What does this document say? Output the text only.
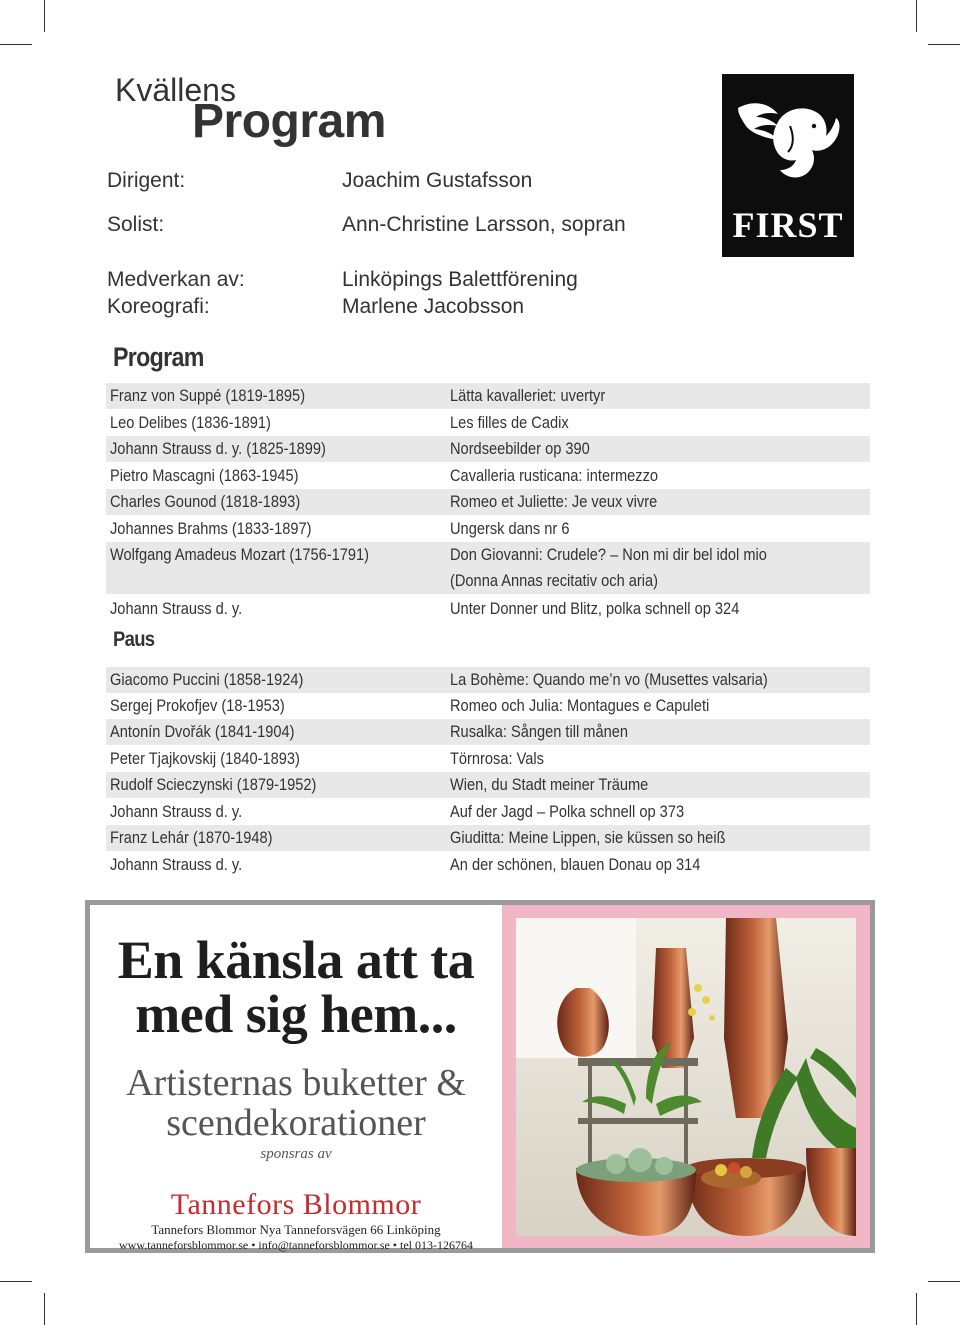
Kvällens
Program
FIRST
Dirigent:	Joachim Gustafsson
Solist:	Ann-Christine Larsson, sopran
Medverkan av:	Linköpings Balettförening
Koreografi:	Marlene Jacobsson
Program
Franz von Suppé (1819-1895)	Lätta kavalleriet: uvertyr
Leo Delibes (1836-1891)	Les filles de Cadix
Johann Strauss d. y. (1825-1899)	Nordseebilder op 390
Pietro Mascagni (1863-1945)	Cavalleria rusticana: intermezzo
Charles Gounod (1818-1893)	Romeo et Juliette: Je veux vivre
Johannes Brahms (1833-1897)	Ungersk dans nr 6
Wolfgang Amadeus Mozart (1756-1791)	Don Giovanni: Crudele? – Non mi dir bel idol mio
(Donna Annas recitativ och aria)
Johann Strauss d. y.	Unter Donner und Blitz, polka schnell op 324
Paus
Giacomo Puccini (1858-1924)	La Bohème: Quando me’n vo (Musettes valsaria)
Sergej Prokofjev (18-1953)	Romeo och Julia: Montagues e Capuleti
Antonín Dvořák (1841-1904)	Rusalka: Sången till månen
Peter Tjajkovskij (1840-1893)	Törnrosa: Vals
Rudolf Scieczynski (1879-1952)	Wien, du Stadt meiner Träume
Johann Strauss d. y.	Auf der Jagd – Polka schnell op 373
Franz Lehár (1870-1948)	Giuditta: Meine Lippen, sie küssen so heiß
Johann Strauss d. y.	An der schönen, blauen Donau op 314
En känsla att ta
med sig hem...
Artisternas buketter &
scendekorationer
sponsras av
Tannefors Blommor
Tannefors Blommor Nya Tanneforsvägen 66 Linköping
www.tanneforsblommor.se • info@tanneforsblommor.se • tel 013-126764
